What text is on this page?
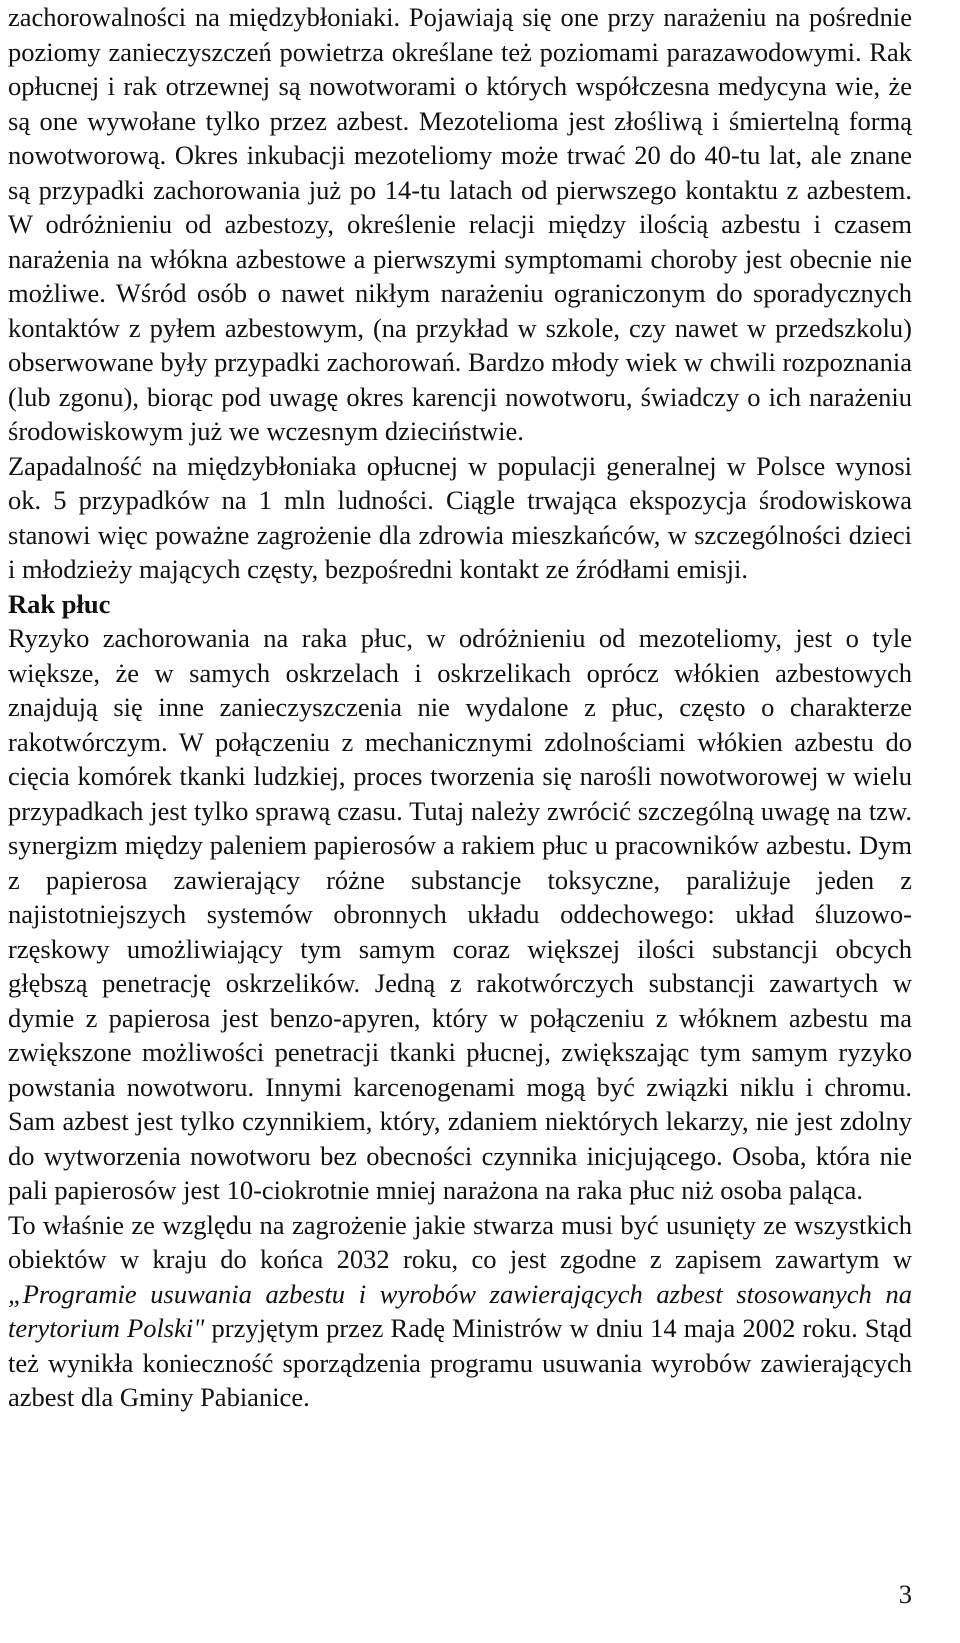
zachorowalności na międzybłoniaki. Pojawiają się one przy narażeniu na pośrednie poziomy zanieczyszczeń powietrza określane też poziomami parazawodowymi. Rak opłucnej i rak otrzewnej są nowotworami o których współczesna medycyna wie, że są one wywołane tylko przez azbest. Mezotelioma jest złośliwą i śmiertelną formą nowotworową. Okres inkubacji mezoteliomy może trwać 20 do 40-tu lat, ale znane są przypadki zachorowania już po 14-tu latach od pierwszego kontaktu z azbestem. W odróżnieniu od azbestozy, określenie relacji między ilością azbestu i czasem narażenia na włókna azbestowe a pierwszymi symptomami choroby jest obecnie nie możliwe. Wśród osób o nawet nikłym narażeniu ograniczonym do sporadycznych kontaktów z pyłem azbestowym, (na przykład w szkole, czy nawet w przedszkolu) obserwowane były przypadki zachorowań. Bardzo młody wiek w chwili rozpoznania (lub zgonu), biorąc pod uwagę okres karencji nowotworu, świadczy o ich narażeniu środowiskowym już we wczesnym dzieciństwie.

Zapadalność na międzybłoniaka opłucnej w populacji generalnej w Polsce wynosi ok. 5 przypadków na 1 mln ludności. Ciągle trwająca ekspozycja środowiskowa stanowi więc poważne zagrożenie dla zdrowia mieszkańców, w szczególności dzieci i młodzieży mających częsty, bezpośredni kontakt ze źródłami emisji.

Rak płuc

Ryzyko zachorowania na raka płuc, w odróżnieniu od mezoteliomy, jest o tyle większe, że w samych oskrzelach i oskrzelikach oprócz włókien azbestowych znajdują się inne zanieczyszczenia nie wydalone z płuc, często o charakterze rakotwórczym. W połączeniu z mechanicznymi zdolnościami włókien azbestu do cięcia komórek tkanki ludzkiej, proces tworzenia się narośli nowotworowej w wielu przypadkach jest tylko sprawą czasu. Tutaj należy zwrócić szczególną uwagę na tzw. synergizm między paleniem papierosów a rakiem płuc u pracowników azbestu. Dym z papierosa zawierający różne substancje toksyczne, paraliżuje jeden z najistotniejszych systemów obronnych układu oddechowego: układ śluzowo-rzęskowy umożliwiający tym samym coraz większej ilości substancji obcych głębszą penetrację oskrzelików. Jedną z rakotwórczych substancji zawartych w dymie z papierosa jest benzo-apyren, który w połączeniu z włóknem azbestu ma zwiększone możliwości penetracji tkanki płucnej, zwiększając tym samym ryzyko powstania nowotworu. Innymi karcenogenami mogą być związki niklu i chromu. Sam azbest jest tylko czynnikiem, który, zdaniem niektórych lekarzy, nie jest zdolny do wytworzenia nowotworu bez obecności czynnika inicjującego. Osoba, która nie pali papierosów jest 10-ciokrotnie mniej narażona na raka płuc niż osoba paląca.

To właśnie ze względu na zagrożenie jakie stwarza musi być usunięty ze wszystkich obiektów w kraju do końca 2032 roku, co jest zgodne z zapisem zawartym w „Programie usuwania azbestu i wyrobów zawierających azbest stosowanych na terytorium Polski" przyjętym przez Radę Ministrów w dniu 14 maja 2002 roku. Stąd też wynikła konieczność sporządzenia programu usuwania wyrobów zawierających azbest dla Gminy Pabianice.

3
